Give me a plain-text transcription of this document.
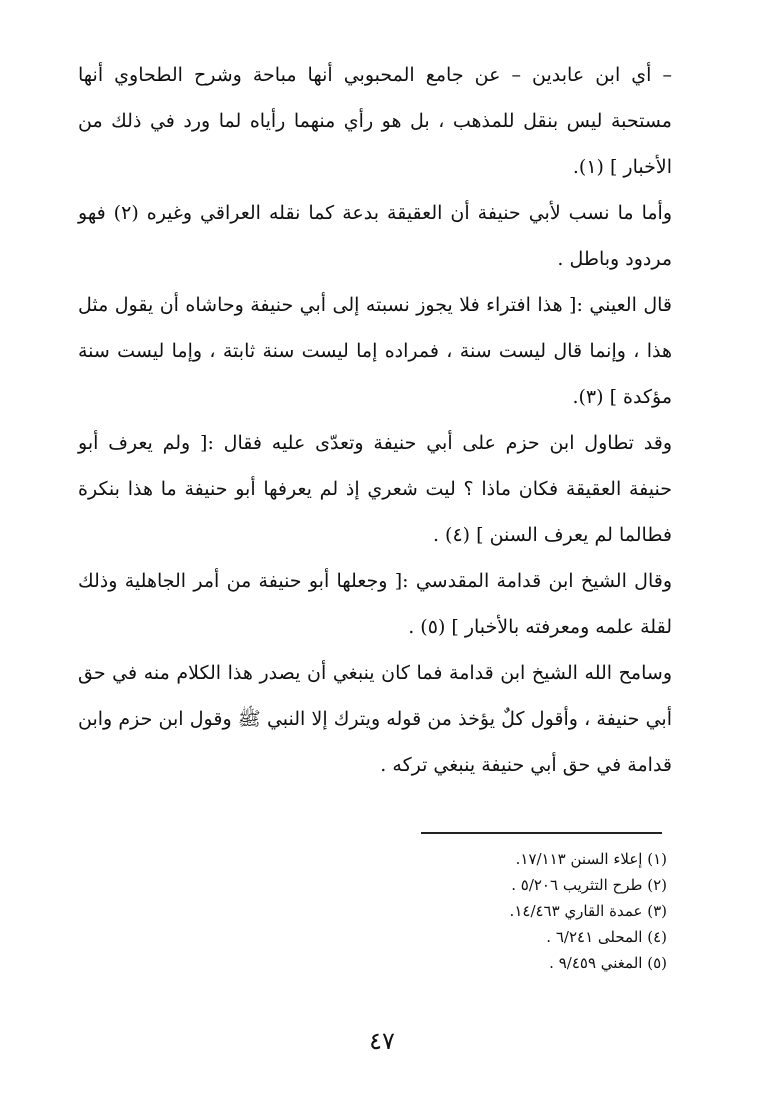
– أي ابن عابدين – عن جامع المحبوبي أنها مباحة وشرح الطحاوي أنها مستحبة ليس بنقل للمذهب ، بل هو رأي منهما رأياه لما ورد في ذلك من الأخبار ] (١).

وأما ما نسب لأبي حنيفة أن العقيقة بدعة كما نقله العراقي وغيره (٢) فهو مردود وباطل .

قال العيني :[ هذا افتراء فلا يجوز نسبته إلى أبي حنيفة وحاشاه أن يقول مثل هذا ، وإنما قال ليست سنة ، فمراده إما ليست سنة ثابتة ، وإما ليست سنة مؤكدة ] (٣).

وقد تطاول ابن حزم على أبي حنيفة وتعدّى عليه فقال :[ ولم يعرف أبو حنيفة العقيقة فكان ماذا ؟ ليت شعري إذ لم يعرفها أبو حنيفة ما هذا بنكرة فطالما لم يعرف السنن ] (٤) .

وقال الشيخ ابن قدامة المقدسي :[ وجعلها أبو حنيفة من أمر الجاهلية وذلك لقلة علمه ومعرفته بالأخبار ] (٥) .

وسامح الله الشيخ ابن قدامة فما كان ينبغي أن يصدر هذا الكلام منه في حق أبي حنيفة ، وأقول كلٌ يؤخذ من قوله ويترك إلا النبي ﷺ وقول ابن حزم وابن قدامة في حق أبي حنيفة ينبغي تركه .

(١) إعلاء السنن ١٧/١١٣.
(٢) طرح التثريب ٥/٢٠٦ .
(٣) عمدة القاري ١٤/٤٦٣.
(٤) المحلى ٦/٢٤١ .
(٥) المغني ٩/٤٥٩ .
٤٧
